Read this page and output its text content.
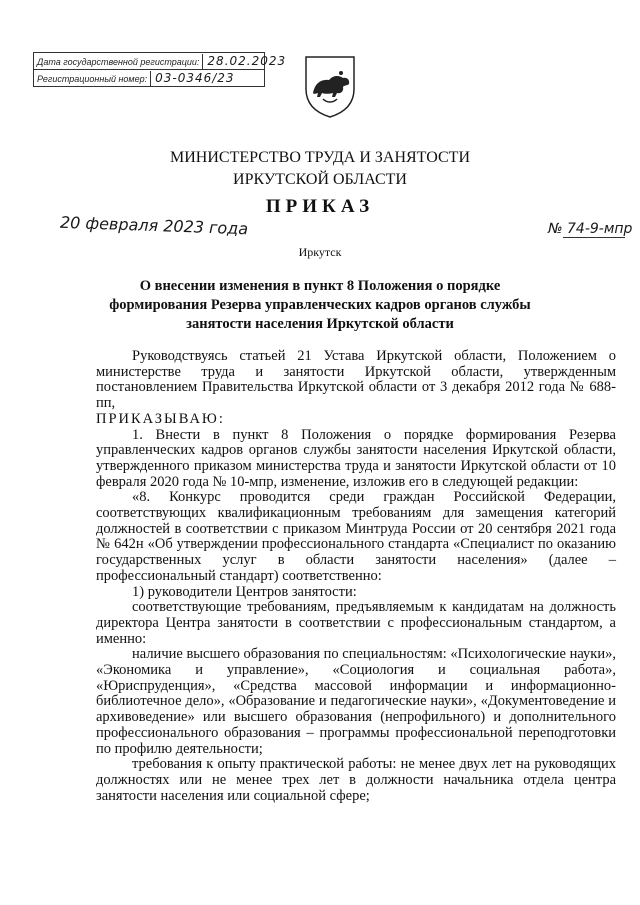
Дата государственной регистрации: 28.02.2023
Регистрационный номер: 03-0346/23
МИНИСТЕРСТВО ТРУДА И ЗАНЯТОСТИ
ИРКУТСКОЙ ОБЛАСТИ
ПРИКАЗ
20 февраля 2023 года	№ 74-9-мпр
Иркутск
О внесении изменения в пункт 8 Положения о порядке формирования Резерва управленческих кадров органов службы занятости населения Иркутской области

Руководствуясь статьей 21 Устава Иркутской области, Положением о министерстве труда и занятости Иркутской области, утвержденным постановлением Правительства Иркутской области от 3 декабря 2012 года № 688-пп,

ПРИКАЗЫВАЮ:

1. Внести в пункт 8 Положения о порядке формирования Резерва управленческих кадров органов службы занятости населения Иркутской области, утвержденного приказом министерства труда и занятости Иркутской области от 10 февраля 2020 года № 10-мпр, изменение, изложив его в следующей редакции:

«8. Конкурс проводится среди граждан Российской Федерации, соответствующих квалификационным требованиям для замещения категорий должностей в соответствии с приказом Минтруда России от 20 сентября 2021 года № 642н «Об утверждении профессионального стандарта «Специалист по оказанию государственных услуг в области занятости населения» (далее – профессиональный стандарт) соответственно:

1) руководители Центров занятости:

соответствующие требованиям, предъявляемым к кандидатам на должность директора Центра занятости в соответствии с профессиональным стандартом, а именно:

наличие высшего образования по специальностям: «Психологические науки», «Экономика и управление», «Социология и социальная работа», «Юриспруденция», «Средства массовой информации и информационно-библиотечное дело», «Образование и педагогические науки», «Документоведение и архивоведение» или высшего образования (непрофильного) и дополнительного профессионального образования – программы профессиональной переподготовки по профилю деятельности;

требования к опыту практической работы: не менее двух лет на руководящих должностях или не менее трех лет в должности начальника отдела центра занятости населения или социальной сфере;
